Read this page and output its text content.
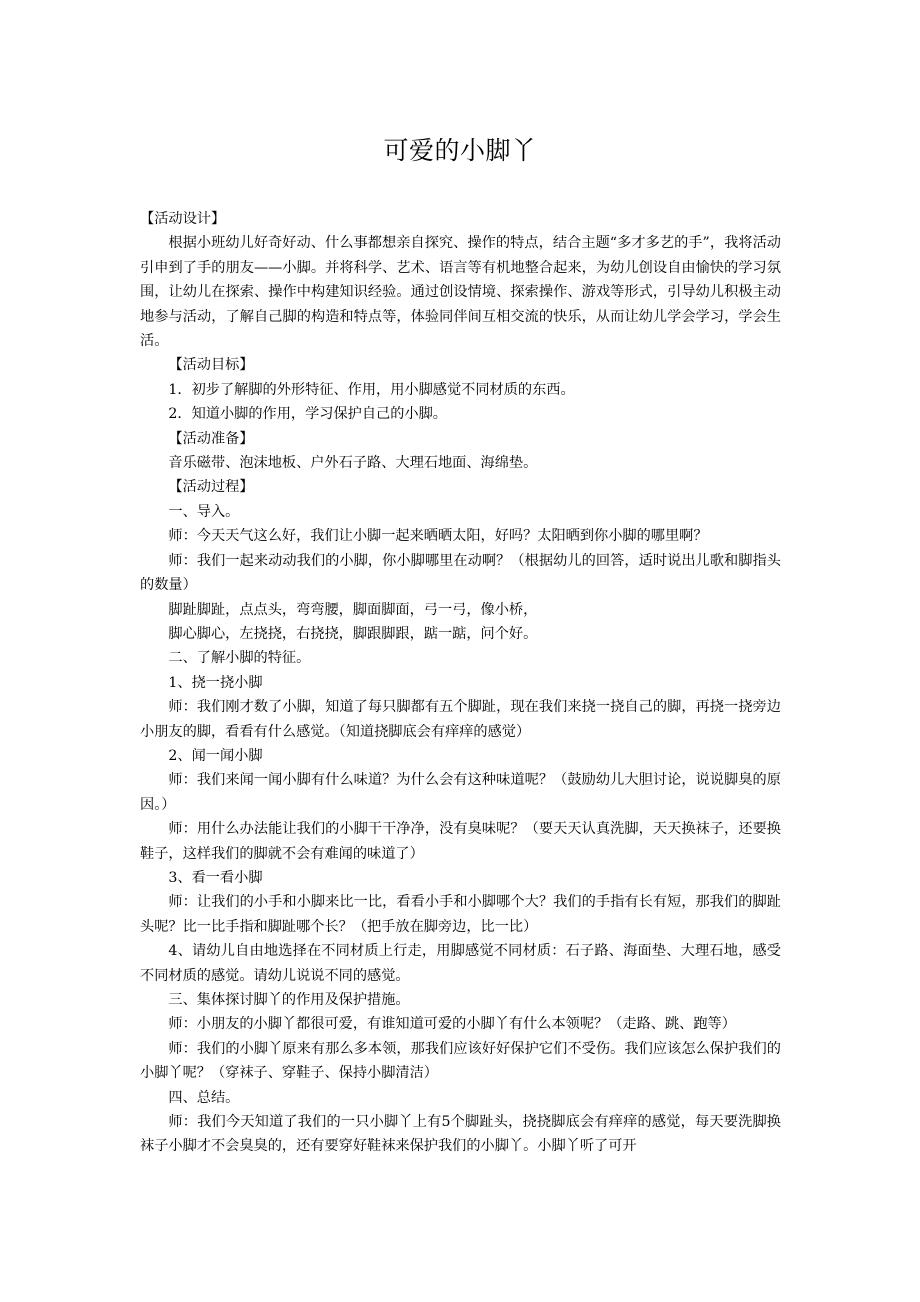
可爱的小脚丫

【活动设计】

根据小班幼儿好奇好动、什么事都想亲自探究、操作的特点，结合主题“多才多艺的手”，我将活动引申到了手的朋友——小脚。并将科学、艺术、语言等有机地整合起来，为幼儿创设自由愉快的学习氛围，让幼儿在探索、操作中构建知识经验。通过创设情境、探索操作、游戏等形式，引导幼儿积极主动地参与活动，了解自己脚的构造和特点等，体验同伴间互相交流的快乐，从而让幼儿学会学习，学会生活。

【活动目标】

1．初步了解脚的外形特征、作用，用小脚感觉不同材质的东西。

2．知道小脚的作用，学习保护自己的小脚。

【活动准备】

音乐磁带、泡沫地板、户外石子路、大理石地面、海绵垫。

【活动过程】

一、导入。

师：今天天气这么好，我们让小脚一起来晒晒太阳，好吗？太阳晒到你小脚的哪里啊？

师：我们一起来动动我们的小脚，你小脚哪里在动啊？（根据幼儿的回答，适时说出儿歌和脚指头的数量）

脚趾脚趾，点点头，弯弯腰，脚面脚面，弓一弓，像小桥，

脚心脚心，左挠挠，右挠挠，脚跟脚跟，踮一踮，问个好。

二、了解小脚的特征。

1、挠一挠小脚

师：我们刚才数了小脚，知道了每只脚都有五个脚趾，现在我们来挠一挠自己的脚，再挠一挠旁边小朋友的脚，看看有什么感觉。（知道挠脚底会有痒痒的感觉）

2、闻一闻小脚

师：我们来闻一闻小脚有什么味道？为什么会有这种味道呢？（鼓励幼儿大胆讨论，说说脚臭的原因。）

师：用什么办法能让我们的小脚干干净净，没有臭味呢？（要天天认真洗脚，天天换袜子，还要换鞋子，这样我们的脚就不会有难闻的味道了）

3、看一看小脚

师：让我们的小手和小脚来比一比，看看小手和小脚哪个大？我们的手指有长有短，那我们的脚趾头呢？比一比手指和脚趾哪个长？（把手放在脚旁边，比一比）

4、请幼儿自由地选择在不同材质上行走，用脚感觉不同材质：石子路、海面垫、大理石地，感受不同材质的感觉。请幼儿说说不同的感觉。

三、集体探讨脚丫的作用及保护措施。

师：小朋友的小脚丫都很可爱，有谁知道可爱的小脚丫有什么本领呢？（走路、跳、跑等）

师：我们的小脚丫原来有那么多本领，那我们应该好好保护它们不受伤。我们应该怎么保护我们的小脚丫呢？（穿袜子、穿鞋子、保持小脚清洁）

四、总结。

师：我们今天知道了我们的一只小脚丫上有5个脚趾头，挠挠脚底会有痒痒的感觉，每天要洗脚换袜子小脚才不会臭臭的，还有要穿好鞋袜来保护我们的小脚丫。小脚丫听了可开
